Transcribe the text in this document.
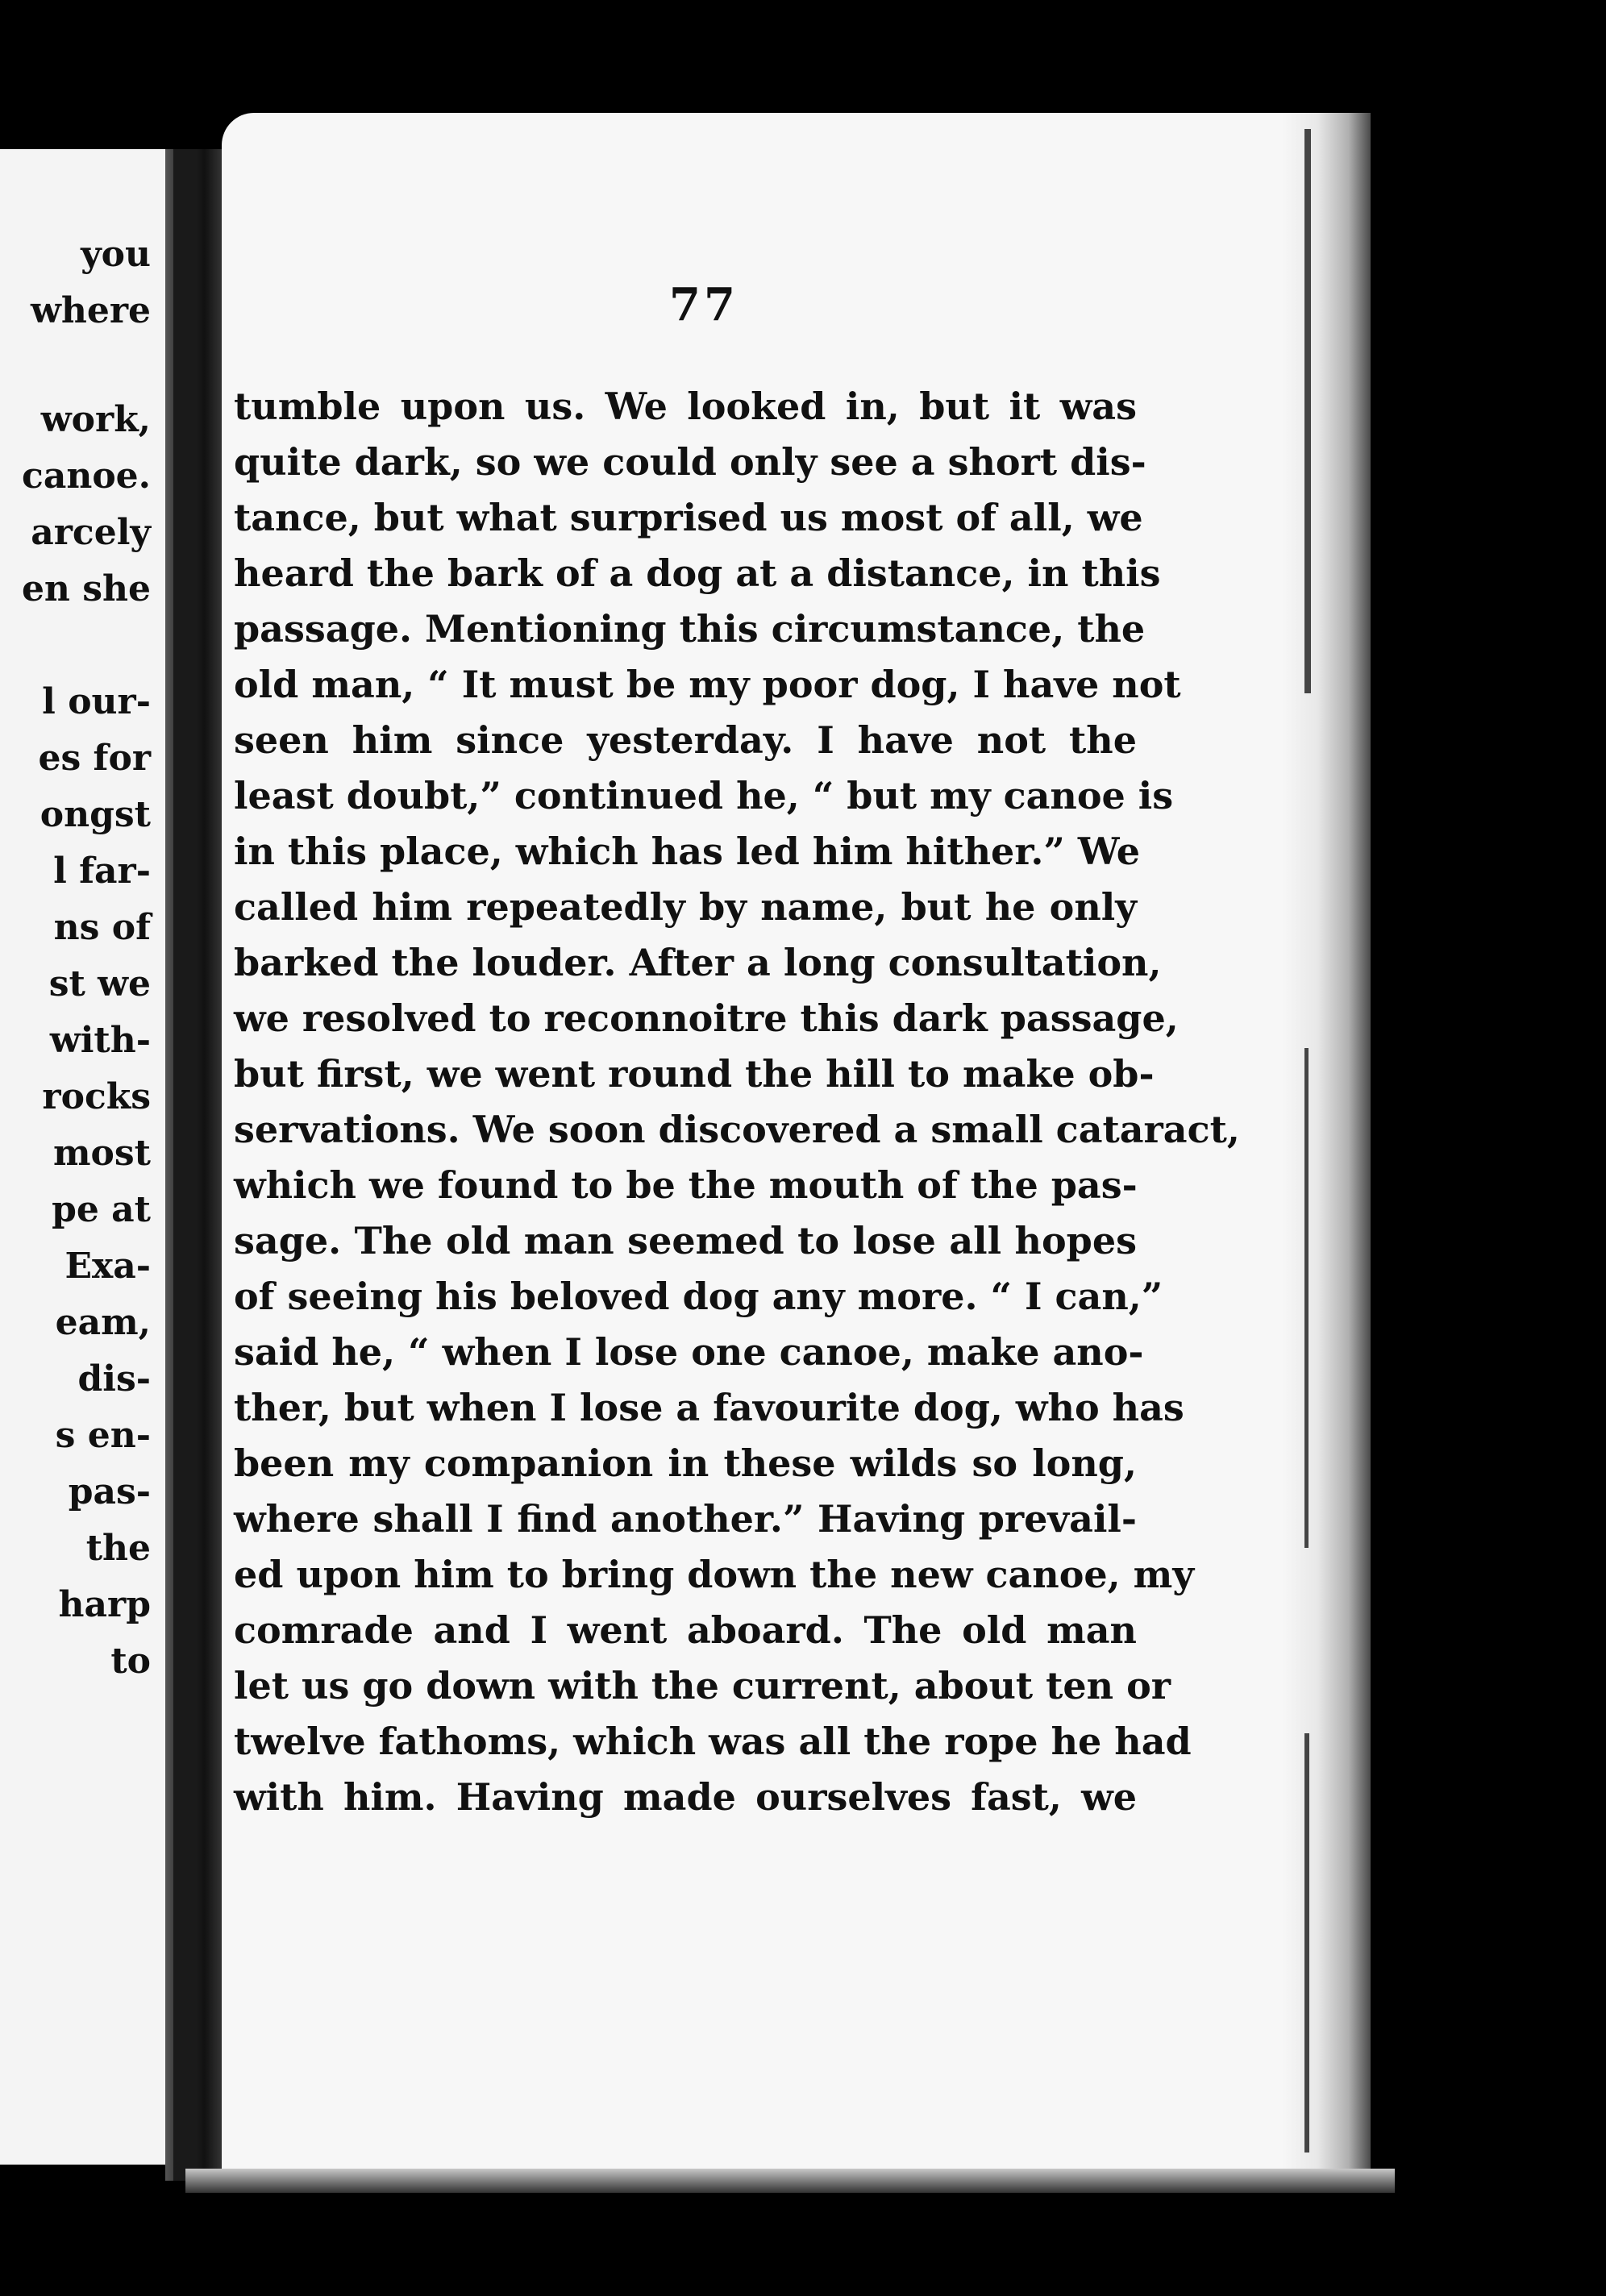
you
where
work,
canoe.
arcely
en she
l our-
es for
ongst
l far-
ns of
st we
with-
rocks
most
pe at
Exa-
eam,
dis-
s en-
pas-
the
harp
to
77
tumble upon us. We looked in, but it was
quite dark, so we could only see a short dis-
tance, but what surprised us most of all, we
heard the bark of a dog at a distance, in this
passage. Mentioning this circumstance, the
old man, “ It must be my poor dog, I have not
seen him since yesterday. I have not the
least doubt,” continued he, “ but my canoe is
in this place, which has led him hither.” We
called him repeatedly by name, but he only
barked the louder. After a long consultation,
we resolved to reconnoitre this dark passage,
but first, we went round the hill to make ob-
servations. We soon discovered a small cataract,
which we found to be the mouth of the pas-
sage. The old man seemed to lose all hopes
of seeing his beloved dog any more. “ I can,”
said he, “ when I lose one canoe, make ano-
ther, but when I lose a favourite dog, who has
been my companion in these wilds so long,
where shall I find another.” Having prevail-
ed upon him to bring down the new canoe, my
comrade and I went aboard. The old man
let us go down with the current, about ten or
twelve fathoms, which was all the rope he had
with him. Having made ourselves fast, we
